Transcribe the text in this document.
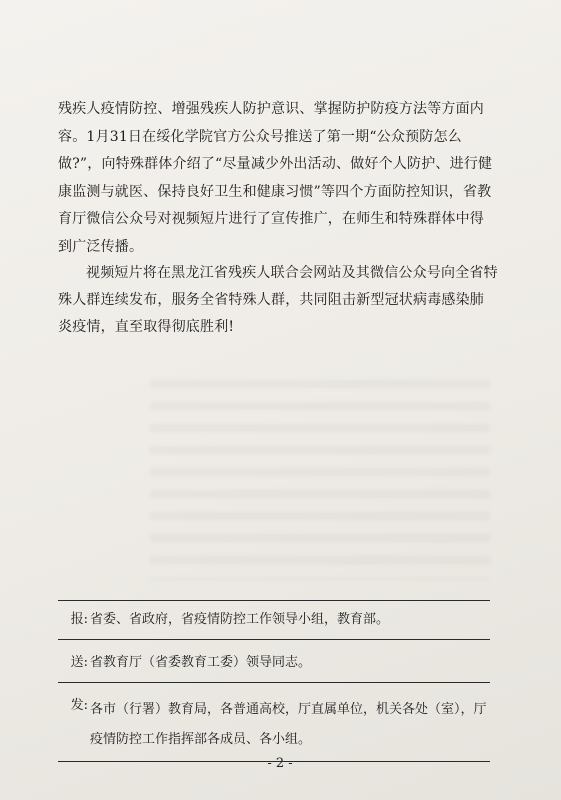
残疾人疫情防控、增强残疾人防护意识、掌握防护防疫方法等方面内容。1月31日在绥化学院官方公众号推送了第一期“公众预防怎么做?”，向特殊群体介绍了“尽量减少外出活动、做好个人防护、进行健康监测与就医、保持良好卫生和健康习惯”等四个方面防控知识，省教育厅微信公众号对视频短片进行了宣传推广，在师生和特殊群体中得到广泛传播。

视频短片将在黑龙江省残疾人联合会网站及其微信公众号向全省特殊人群连续发布，服务全省特殊人群，共同阻击新型冠状病毒感染肺炎疫情，直至取得彻底胜利!

报: 省委、省政府，省疫情防控工作领导小组，教育部。
送: 省教育厅（省委教育工委）领导同志。
发: 各市（行署）教育局，各普通高校，厅直属单位，机关各处（室），厅疫情防控工作指挥部各成员、各小组。
- 2 -
